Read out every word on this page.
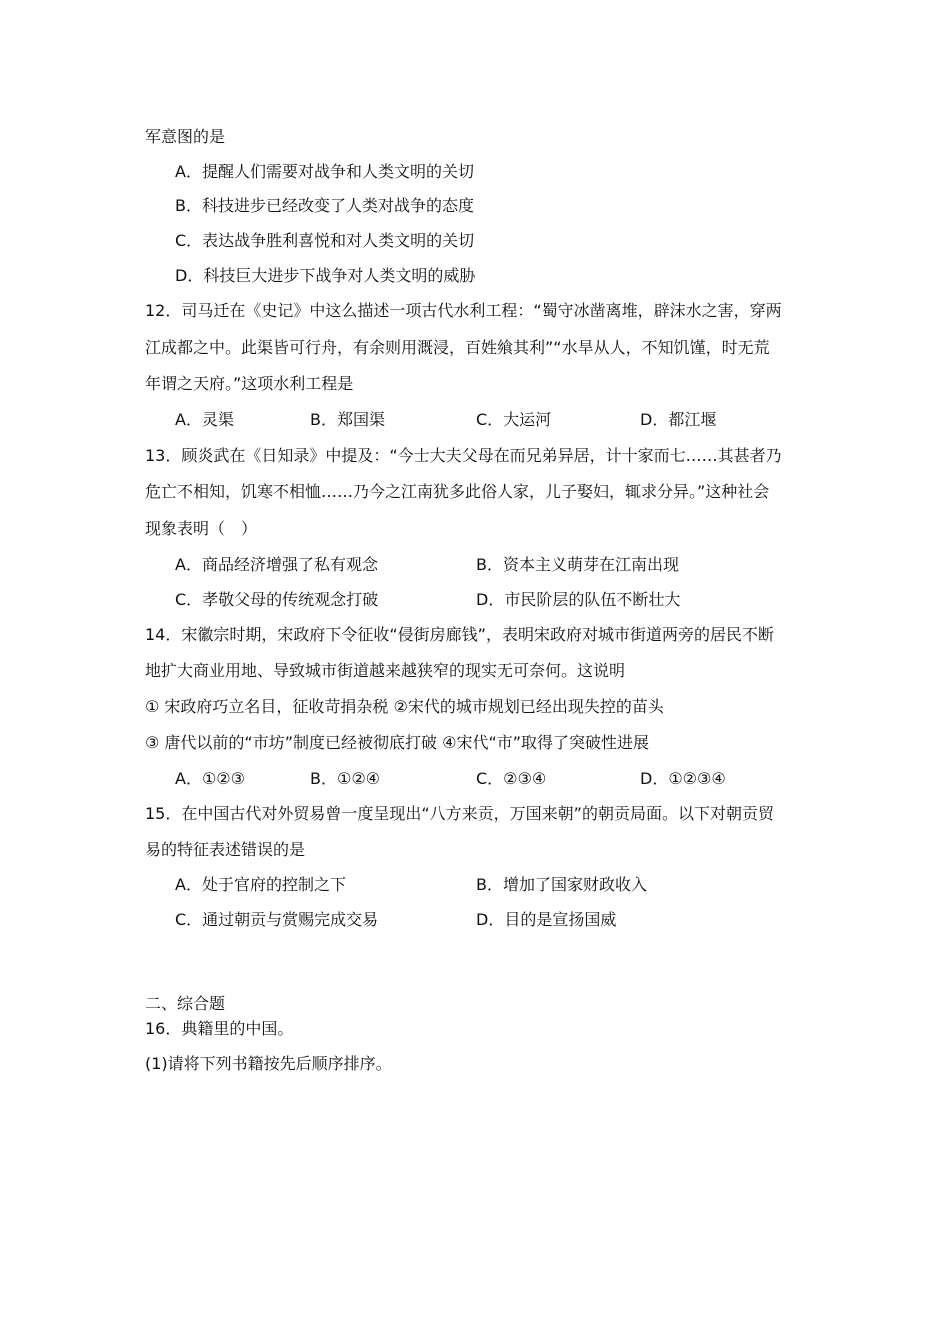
军意图的是
A．提醒人们需要对战争和人类文明的关切
B．科技进步已经改变了人类对战争的态度
C．表达战争胜利喜悦和对人类文明的关切
D．科技巨大进步下战争对人类文明的威胁
12．司马迁在《史记》中这么描述一项古代水利工程：“蜀守冰凿离堆，辟沫水之害，穿两
江成都之中。此渠皆可行舟，有余则用溉浸，百姓飨其利”“水旱从人，不知饥馑，时无荒
年谓之天府。”这项水利工程是
A．灵渠	B．郑国渠	C．大运河	D．都江堰
13．顾炎武在《日知录》中提及：“今士大夫父母在而兄弟异居，计十家而七……其甚者乃
危亡不相知，饥寒不相恤……乃今之江南犹多此俗人家，儿子娶妇，辄求分异。”这种社会
现象表明（　）
A．商品经济增强了私有观念	B．资本主义萌芽在江南出现
C．孝敬父母的传统观念打破	D．市民阶层的队伍不断壮大
14．宋徽宗时期，宋政府下令征收“侵街房廊钱”，表明宋政府对城市街道两旁的居民不断
地扩大商业用地、导致城市街道越来越狭窄的现实无可奈何。这说明
① 宋政府巧立名目，征收苛捐杂税 ②宋代的城市规划已经出现失控的苗头
③ 唐代以前的“市坊”制度已经被彻底打破 ④宋代“市”取得了突破性进展
A．①②③	B．①②④	C．②③④	D．①②③④
15．在中国古代对外贸易曾一度呈现出“八方来贡，万国来朝”的朝贡局面。以下对朝贡贸
易的特征表述错误的是
A．处于官府的控制之下	B．增加了国家财政收入
C．通过朝贡与赏赐完成交易	D．目的是宣扬国威
二、综合题
16．典籍里的中国。
(1)请将下列书籍按先后顺序排序。
